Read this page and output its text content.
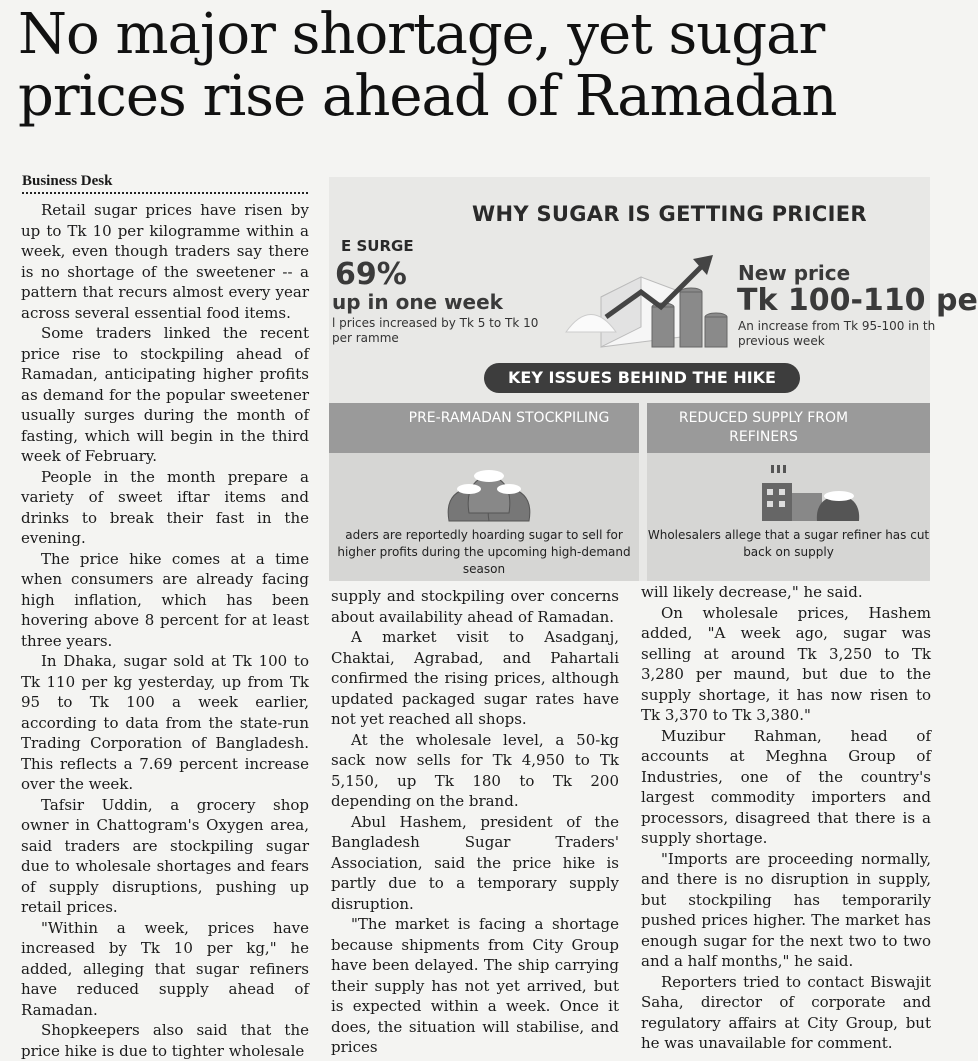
No major shortage, yet sugar prices rise ahead of Ramadan
Business Desk

Retail sugar prices have risen by up to Tk 10 per kilogramme within a week, even though traders say there is no shortage of the sweetener -- a pattern that recurs almost every year across several essential food items.

Some traders linked the recent price rise to stockpiling ahead of Ramadan, anticipating higher profits as demand for the popular sweetener usually surges during the month of fasting, which will begin in the third week of February.

People in the month prepare a variety of sweet iftar items and drinks to break their fast in the evening.

The price hike comes at a time when consumers are already facing high inflation, which has been hovering above 8 percent for at least three years.

In Dhaka, sugar sold at Tk 100 to Tk 110 per kg yesterday, up from Tk 95 to Tk 100 a week earlier, according to data from the state-run Trading Corporation of Bangladesh. This reflects a 7.69 percent increase over the week.

Tafsir Uddin, a grocery shop owner in Chattogram's Oxygen area, said traders are stockpiling sugar due to wholesale shortages and fears of supply disruptions, pushing up retail prices.

"Within a week, prices have increased by Tk 10 per kg," he added, alleging that sugar refiners have reduced supply ahead of Ramadan.

Shopkeepers also said that the price hike is due to tighter wholesale

WHY SUGAR IS GETTING PRICIER
E SURGE
69%
up in one week
l prices increased by Tk 5 to Tk 10 per ramme
New price
Tk 100-110 pe
An increase from Tk 95-100 in th previous week
KEY ISSUES BEHIND THE HIKE
PRE-RAMADAN STOCKPILING
aders are reportedly hoarding sugar to sell for higher profits during the upcoming high-demand season
REDUCED SUPPLY FROM REFINERS
Wholesalers allege that a sugar refiner has cut back on supply

supply and stockpiling over concerns about availability ahead of Ramadan.

A market visit to Asadganj, Chaktai, Agrabad, and Pahartali confirmed the rising prices, although updated packaged sugar rates have not yet reached all shops.

At the wholesale level, a 50-kg sack now sells for Tk 4,950 to Tk 5,150, up Tk 180 to Tk 200 depending on the brand.

Abul Hashem, president of the Bangladesh Sugar Traders' Association, said the price hike is partly due to a temporary supply disruption.

"The market is facing a shortage because shipments from City Group have been delayed. The ship carrying their supply has not yet arrived, but is expected within a week. Once it does, the situation will stabilise, and prices

will likely decrease," he said.

On wholesale prices, Hashem added, "A week ago, sugar was selling at around Tk 3,250 to Tk 3,280 per maund, but due to the supply shortage, it has now risen to Tk 3,370 to Tk 3,380."

Muzibur Rahman, head of accounts at Meghna Group of Industries, one of the country's largest commodity importers and processors, disagreed that there is a supply shortage.

"Imports are proceeding normally, and there is no disruption in supply, but stockpiling has temporarily pushed prices higher. The market has enough sugar for the next two to two and a half months," he said.

Reporters tried to contact Biswajit Saha, director of corporate and regulatory affairs at City Group, but he was unavailable for comment.
